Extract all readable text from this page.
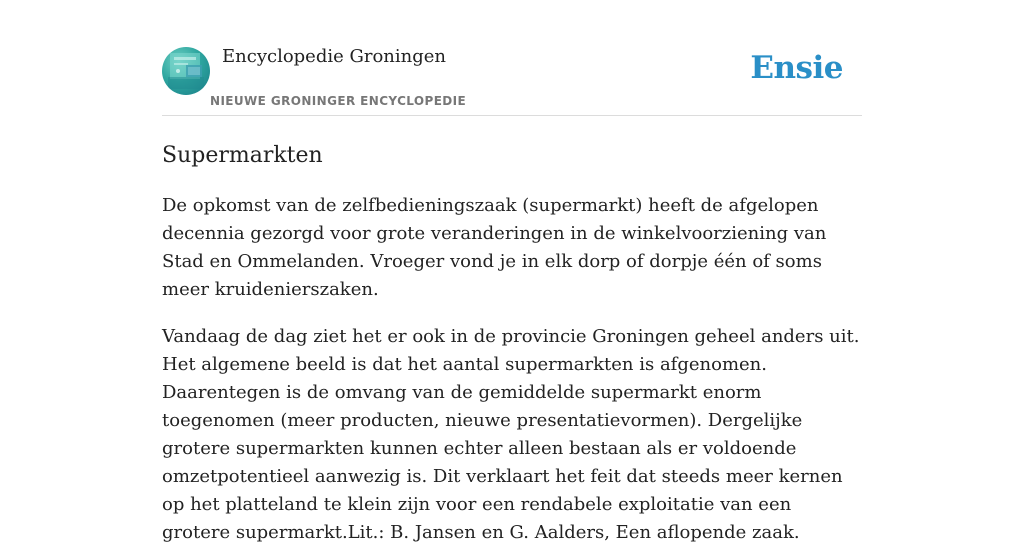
Encyclopedie Groningen
NIEUWE GRONINGER ENCYCLOPEDIE
Ensie
Supermarkten

De opkomst van de zelfbedieningszaak (supermarkt) heeft de afgelopen decennia gezorgd voor grote veranderingen in de winkelvoorziening van Stad en Ommelanden. Vroeger vond je in elk dorp of dorpje één of soms meer kruidenierszaken.

Vandaag de dag ziet het er ook in de provincie Groningen geheel anders uit. Het algemene beeld is dat het aantal supermarkten is afgenomen. Daarentegen is de omvang van de gemiddelde supermarkt enorm toegenomen (meer producten, nieuwe presentatievormen). Dergelijke grotere supermarkten kunnen echter alleen bestaan als er voldoende omzetpotentieel aanwezig is. Dit verklaart het feit dat steeds meer kernen op het platteland te klein zijn voor een rendabele exploitatie van een grotere supermarkt.Lit.: B. Jansen en G. Aalders, Een aflopende zaak.
